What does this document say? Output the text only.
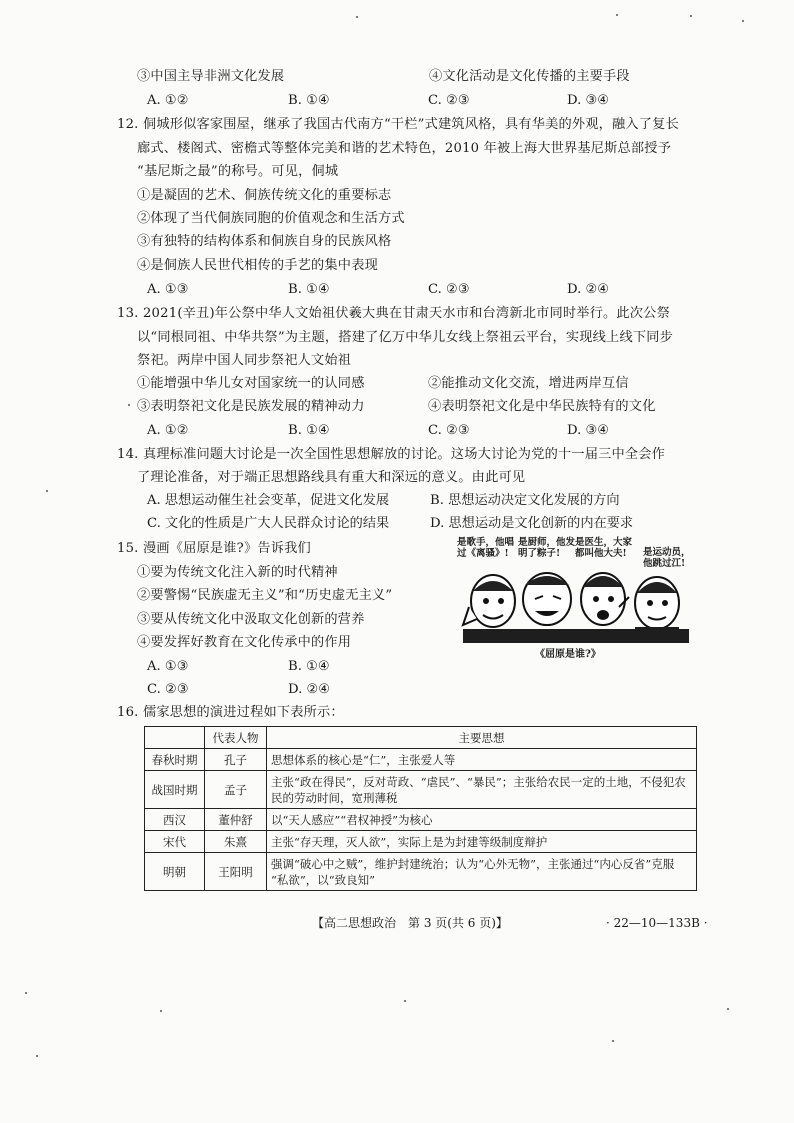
③中国主导非洲文化发展	④文化活动是文化传播的主要手段
A. ①②	B. ①④	C. ②③	D. ③④
12. 侗城形似客家围屋，继承了我国古代南方“干栏”式建筑风格，具有华美的外观，融入了复长
廊式、楼阁式、密檐式等整体完美和谐的艺术特色，2010 年被上海大世界基尼斯总部授予
“基尼斯之最”的称号。可见，侗城
①是凝固的艺术、侗族传统文化的重要标志
②体现了当代侗族同胞的价值观念和生活方式
③有独特的结构体系和侗族自身的民族风格
④是侗族人民世代相传的手艺的集中表现
A. ①③	B. ①④	C. ②③	D. ②④
13. 2021(辛丑)年公祭中华人文始祖伏羲大典在甘肃天水市和台湾新北市同时举行。此次公祭
以“同根同祖、中华共祭”为主题，搭建了亿万中华儿女线上祭祖云平台，实现线上线下同步
祭祀。两岸中国人同步祭祀人文始祖
①能增强中华儿女对国家统一的认同感	②能推动文化交流，增进两岸互信
③表明祭祀文化是民族发展的精神动力	④表明祭祀文化是中华民族特有的文化
A. ①②	B. ①④	C. ②③	D. ③④
14. 真理标准问题大讨论是一次全国性思想解放的讨论。这场大讨论为党的十一届三中全会作
了理论准备，对于端正思想路线具有重大和深远的意义。由此可见
A. 思想运动催生社会变革，促进文化发展	B. 思想运动决定文化发展的方向
C. 文化的性质是广大人民群众讨论的结果	D. 思想运动是文化创新的内在要求
15. 漫画《屈原是谁?》告诉我们
①要为传统文化注入新的时代精神
②要警惕“民族虚无主义”和“历史虚无主义”
③要从传统文化中汲取文化创新的营养
④要发挥好教育在文化传承中的作用
A. ①③	B. ①④
C. ②③	D. ②④
是歌手，他唱
过《离骚》!
是厨师，他发
明了粽子!
是医生，大家
都叫他大夫!	是运动员，
他跳过江!
《屈原是谁?》
16. 儒家思想的演进过程如下表所示：
	代表人物	主要思想
春秋时期	孔子	思想体系的核心是“仁”，主张爱人等
战国时期	孟子	主张“政在得民”，反对苛政、“虐民”、“暴民”；主张给农民一定的土地，不侵犯农
民的劳动时间，宽刑薄税

西汉	董仲舒	以“天人感应”“君权神授”为核心
宋代	朱熹	主张“存天理，灭人欲”，实际上是为封建等级制度辩护
明朝	王阳明	强调“破心中之贼”，维护封建统治；认为“心外无物”，主张通过“内心反省”克服
“私欲”，以“致良知”
【高二思想政治　第 3 页(共 6 页)】	· 22—10—133B ·
